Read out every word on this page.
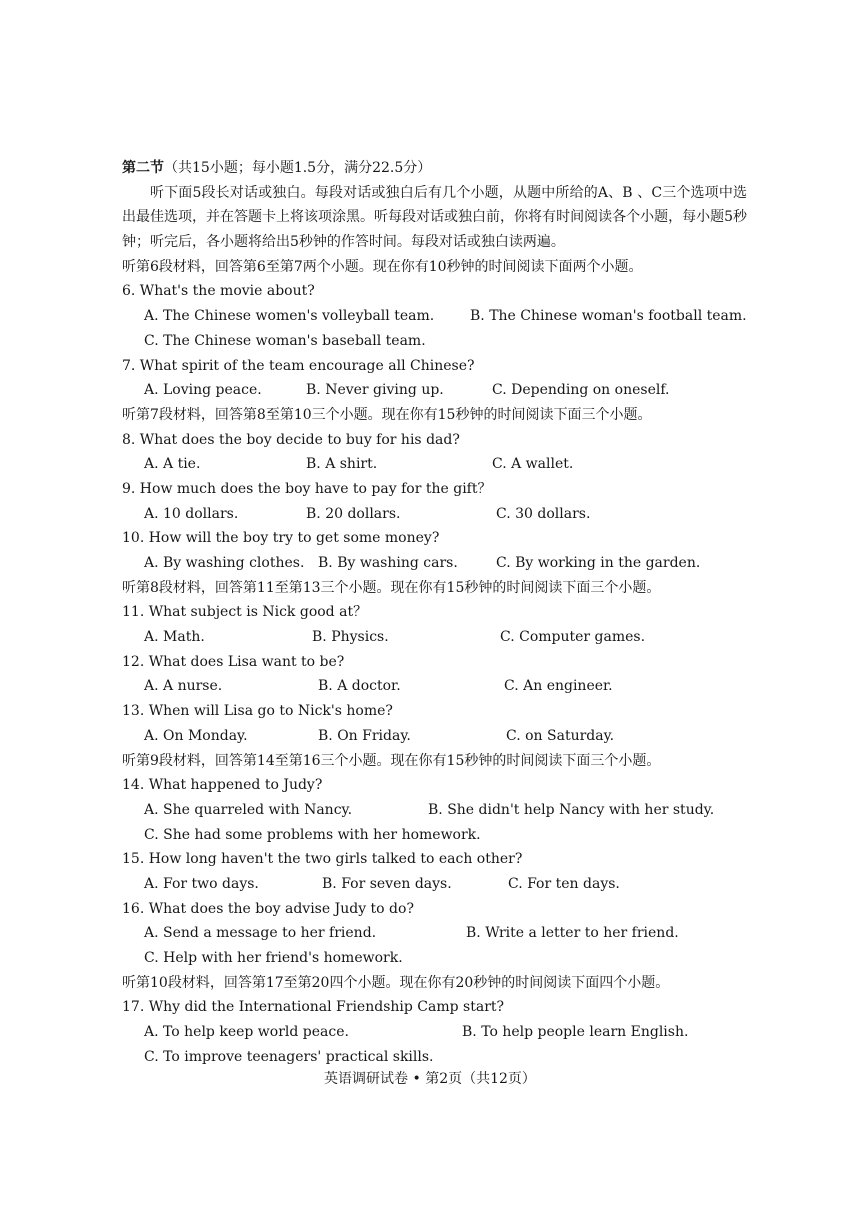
第二节（共15小题；每小题1.5分，满分22.5分）
听下面5段长对话或独白。每段对话或独白后有几个小题，从题中所给的A、B 、C三个选项中选出最佳选项，并在答题卡上将该项涂黑。听每段对话或独白前，你将有时间阅读各个小题，每小题5秒钟；听完后，各小题将给出5秒钟的作答时间。每段对话或独白读两遍。
听第6段材料，回答第6至第7两个小题。现在你有10秒钟的时间阅读下面两个小题。
6. What's the movie about?
A. The Chinese women's volleyball team.	B. The Chinese woman's football team.
C. The Chinese woman's baseball team.
7. What spirit of the team encourage all Chinese?
A. Loving peace.	B. Never giving up.	C. Depending on oneself.
听第7段材料，回答第8至第10三个小题。现在你有15秒钟的时间阅读下面三个小题。
8. What does the boy decide to buy for his dad?
A. A tie.	B. A shirt.	C. A wallet.
9. How much does the boy have to pay for the gift？
A. 10 dollars.	B. 20 dollars.	C. 30 dollars.
10. How will the boy try to get some money?
A. By washing clothes. B. By washing cars.	C. By working in the garden.
听第8段材料，回答第11至第13三个小题。现在你有15秒钟的时间阅读下面三个小题。
11. What subject is Nick good at？
A. Math.	B. Physics.	C. Computer games.
12. What does Lisa want to be?
A. A nurse.	B. A doctor.	C. An engineer.
13. When will Lisa go to Nick's home?
A. On Monday.	B. On Friday.	C. on Saturday.
听第9段材料，回答第14至第16三个小题。现在你有15秒钟的时间阅读下面三个小题。
14. What happened to Judy?
A. She quarreled with Nancy.	B. She didn't help Nancy with her study.
C. She had some problems with her homework.
15. How long haven't the two girls talked to each other?
A. For two days.	B. For seven days.	C. For ten days.
16. What does the boy advise Judy to do?
A. Send a message to her friend.	B. Write a letter to her friend.
C. Help with her friend's homework.
听第10段材料，回答第17至第20四个小题。现在你有20秒钟的时间阅读下面四个小题。
17. Why did the International Friendship Camp start?
A. To help keep world peace.	B. To help people learn English.
C. To improve teenagers' practical skills.
英语调研试卷 • 第2页（共12页）
